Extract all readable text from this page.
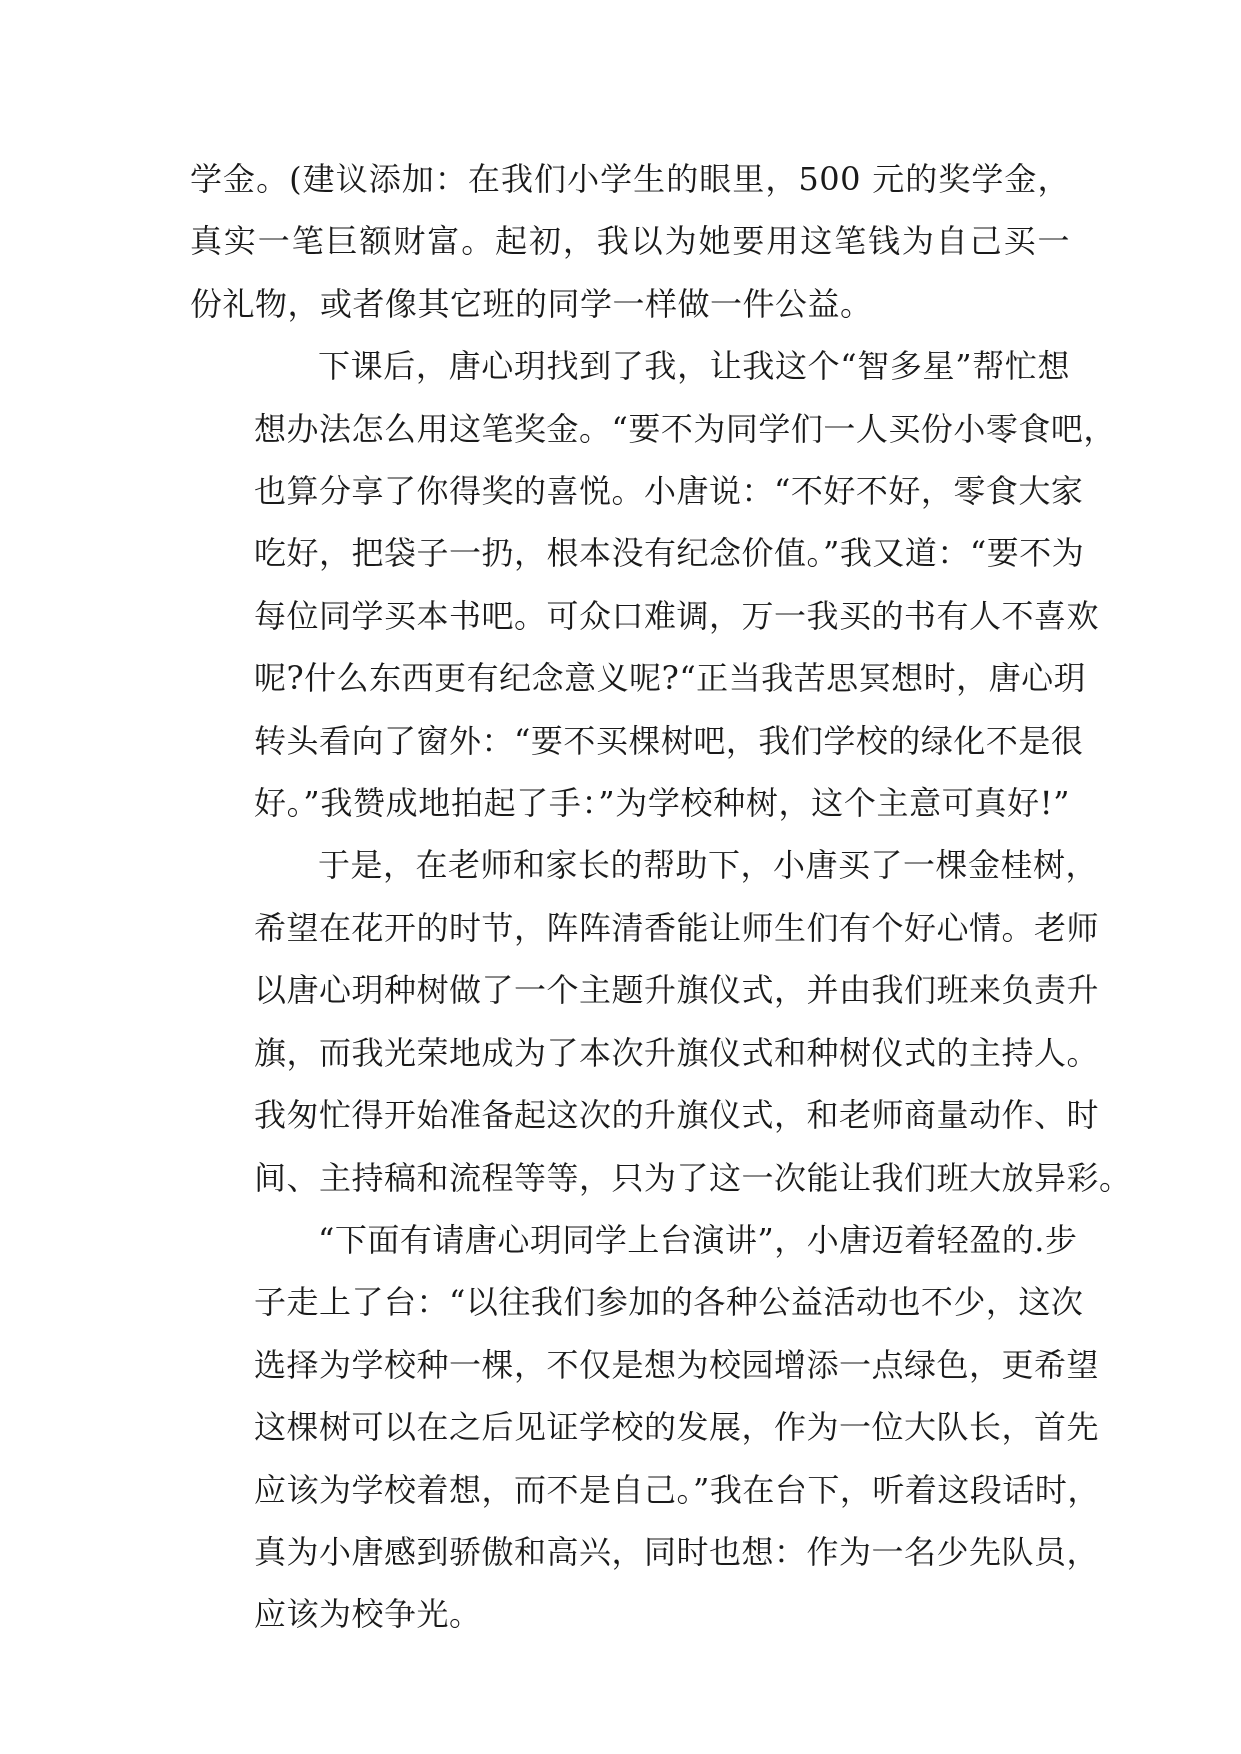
学金。(建议添加：在我们小学生的眼里，500 元的奖学金，
真实一笔巨额财富。起初，我以为她要用这笔钱为自己买一
份礼物，或者像其它班的同学一样做一件公益。

下课后，唐心玥找到了我，让我这个“智多星”帮忙想
想办法怎么用这笔奖金。“要不为同学们一人买份小零食吧，
也算分享了你得奖的喜悦。小唐说：“不好不好，零食大家
吃好，把袋子一扔，根本没有纪念价值。”我又道：“要不为
每位同学买本书吧。可众口难调，万一我买的书有人不喜欢
呢?什么东西更有纪念意义呢?“正当我苦思冥想时，唐心玥
转头看向了窗外：“要不买棵树吧，我们学校的绿化不是很
好。”我赞成地拍起了手：”为学校种树，这个主意可真好!”

于是，在老师和家长的帮助下，小唐买了一棵金桂树，
希望在花开的时节，阵阵清香能让师生们有个好心情。老师
以唐心玥种树做了一个主题升旗仪式，并由我们班来负责升
旗，而我光荣地成为了本次升旗仪式和种树仪式的主持人。
我匆忙得开始准备起这次的升旗仪式，和老师商量动作、时
间、主持稿和流程等等，只为了这一次能让我们班大放异彩。

“下面有请唐心玥同学上台演讲”，小唐迈着轻盈的.步
子走上了台：“以往我们参加的各种公益活动也不少，这次
选择为学校种一棵，不仅是想为校园增添一点绿色，更希望
这棵树可以在之后见证学校的发展，作为一位大队长，首先
应该为学校着想，而不是自己。”我在台下，听着这段话时，
真为小唐感到骄傲和高兴，同时也想：作为一名少先队员，
应该为校争光。
